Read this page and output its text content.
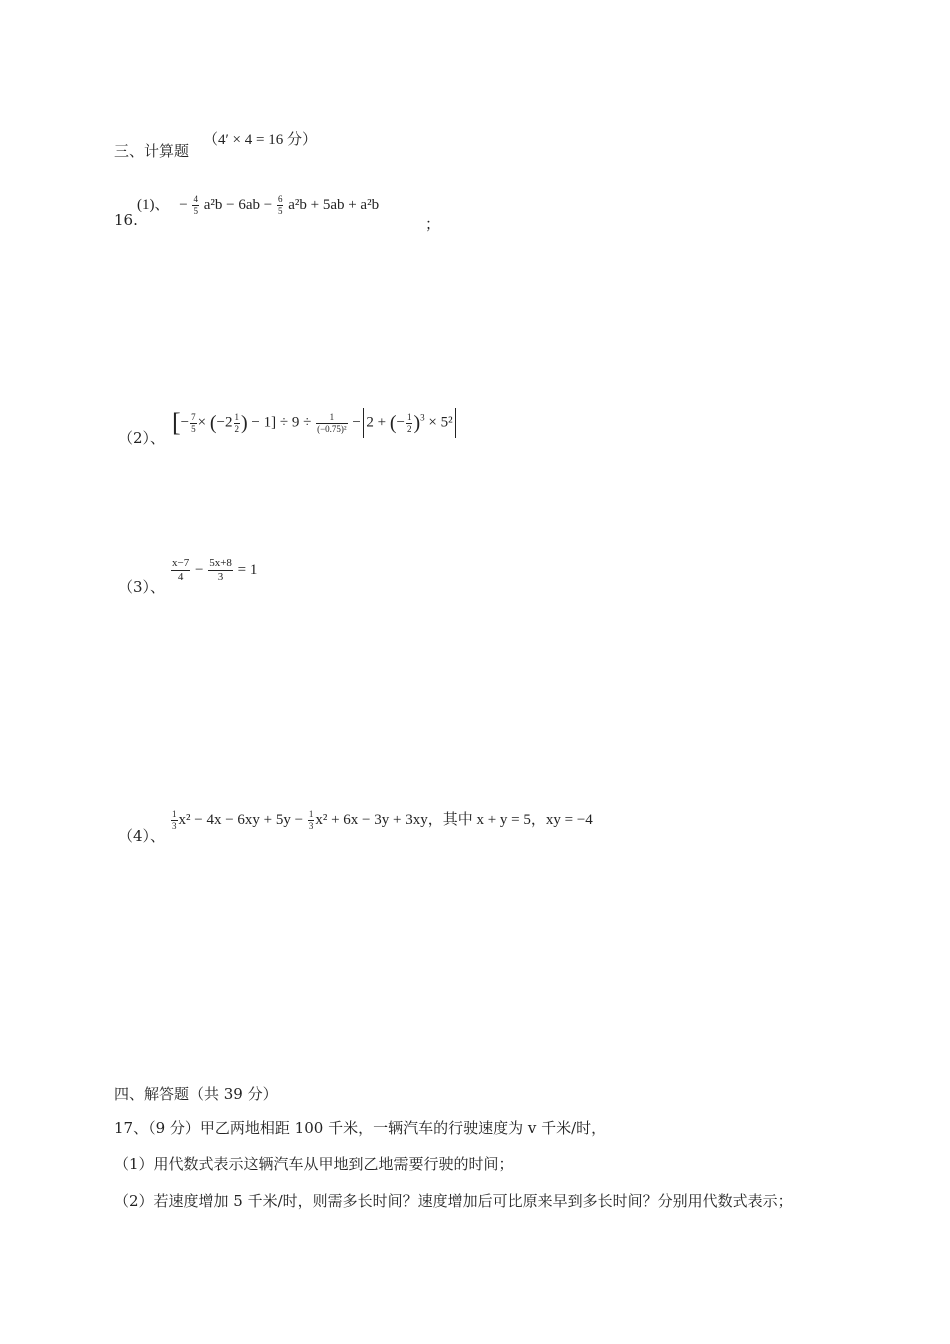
三、计算题
（4′ × 4 = 16 分）
16.
(1)、 − $\frac{4}{5} a^2b - 6ab - \frac{6}{5} a^2b + 5ab + a^2b$
；
（2）、
[− $\frac{7}{5} \times (-2 \frac{1}{2}$ ) − $1] \div 9 \div \frac{1}{\text{(−0.75)²}} - 2$ + (− $\frac{1}{2} )^3 \times 5^2$
（3）、
$\frac{x-7}{4} - \frac{5x+8}{3} = 1$
（4）、
$\frac{1}{3} x^2 - 4x - 6xy + 5y - \frac{1}{3} x^2 + 6x - 3y + 3xy$，其中 x + y = 5，xy = −4
四、解答题（共 39 分）
17、（9 分）甲乙两地相距 100 千米，一辆汽车的行驶速度为 v 千米/时，
（1）用代数式表示这辆汽车从甲地到乙地需要行驶的时间；
（2）若速度增加 5 千米/时，则需多长时间？速度增加后可比原来早到多长时间？分别用代数式表示；
